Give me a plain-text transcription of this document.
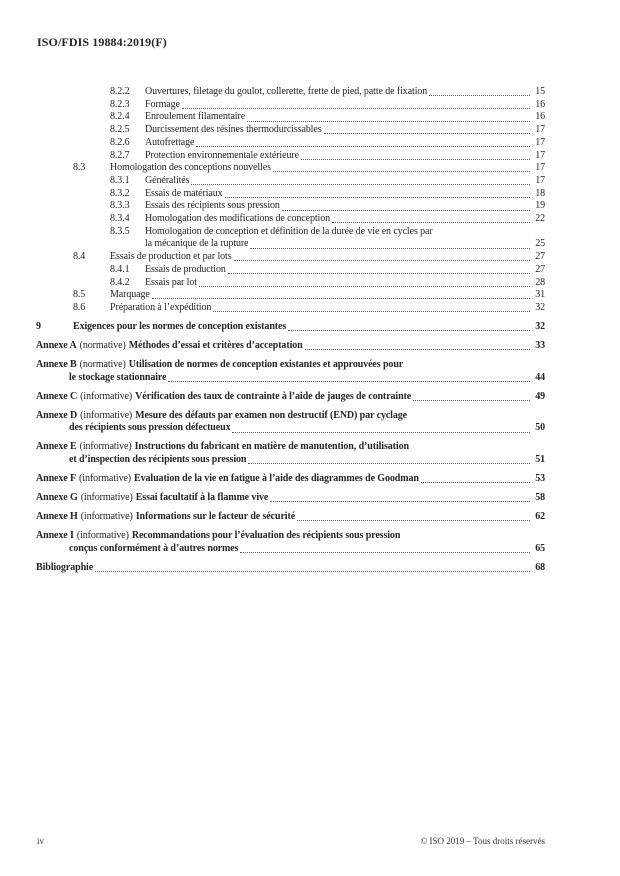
ISO/FDIS 19884:2019(F)
8.2.2	Ouvertures, filetage du goulot, collerette, frette de pied, patte de fixation	15
8.2.3	Formage	16
8.2.4	Enroulement filamentaire	16
8.2.5	Durcissement des résines thermodurcissables	17
8.2.6	Autofrettage	17
8.2.7	Protection environnementale extérieure	17
8.3	Homologation des conceptions nouvelles	17
8.3.1	Généralités	17
8.3.2	Essais de matériaux	18
8.3.3	Essais des récipients sous pression	19
8.3.4	Homologation des modifications de conception	22
8.3.5	Homologation de conception et définition de la durée de vie en cycles par
la mécanique de la rupture	25
8.4	Essais de production et par lots	27
8.4.1	Essais de production	27
8.4.2	Essais par lot	28
8.5	Marquage	31
8.6	Préparation à l’expédition	32
9	Exigences pour les normes de conception existantes	32
Annexe A (normative) Méthodes d’essai et critères d’acceptation	33
Annexe B (normative) Utilisation de normes de conception existantes et approuvées pour
le stockage stationnaire	44
Annexe C (informative) Vérification des taux de contrainte à l’aide de jauges de contrainte	49
Annexe D (informative) Mesure des défauts par examen non destructif (END) par cyclage
des récipients sous pression défectueux	50
Annexe E (informative) Instructions du fabricant en matière de manutention, d’utilisation
et d’inspection des récipients sous pression	51
Annexe F (informative) Évaluation de la vie en fatigue à l’aide des diagrammes de Goodman	53
Annexe G (informative) Essai facultatif à la flamme vive	58
Annexe H (informative) Informations sur le facteur de sécurité	62
Annexe I (informative) Recommandations pour l’évaluation des récipients sous pression
conçus conformément à d’autres normes	65
Bibliographie	68
iv	© ISO 2019 – Tous droits réservés
